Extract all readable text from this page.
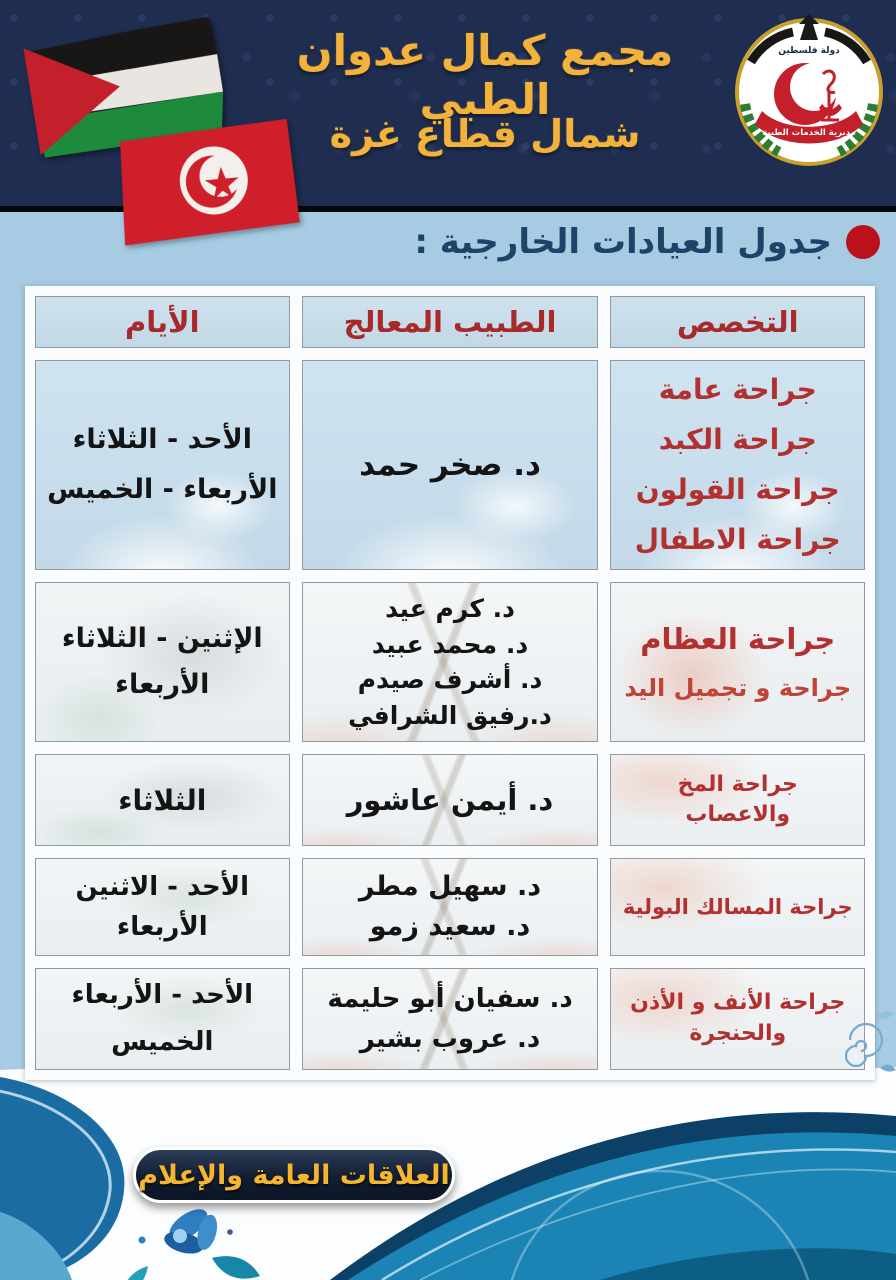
مجمع كمال عدوان الطبي
شمال قطاع غزة
دولة فلسطين
مديرية الخدمات الطبية
جدول العيادات الخارجية :
التخصص
الطبيب المعالج
الأيام
جراحة عامة
جراحة الكبد
جراحة القولون
جراحة الاطفال
د. صخر حمد
الأحد - الثلاثاء
الأربعاء - الخميس
جراحة العظام
جراحة و تجميل اليد
د. كرم عيد
د. محمد عبيد
د. أشرف صيدم
د.رفيق الشرافي
الإثنين - الثلاثاء
الأربعاء
جراحة المخ
والاعصاب
د. أيمن عاشور
الثلاثاء
جراحة المسالك البولية
د. سهيل مطر
د. سعيد زمو
الأحد - الاثنين
الأربعاء
جراحة الأنف و الأذن
والحنجرة
د. سفيان أبو حليمة
د. عروب بشير
الأحد - الأربعاء
الخميس
العلاقات العامة والإعلام
